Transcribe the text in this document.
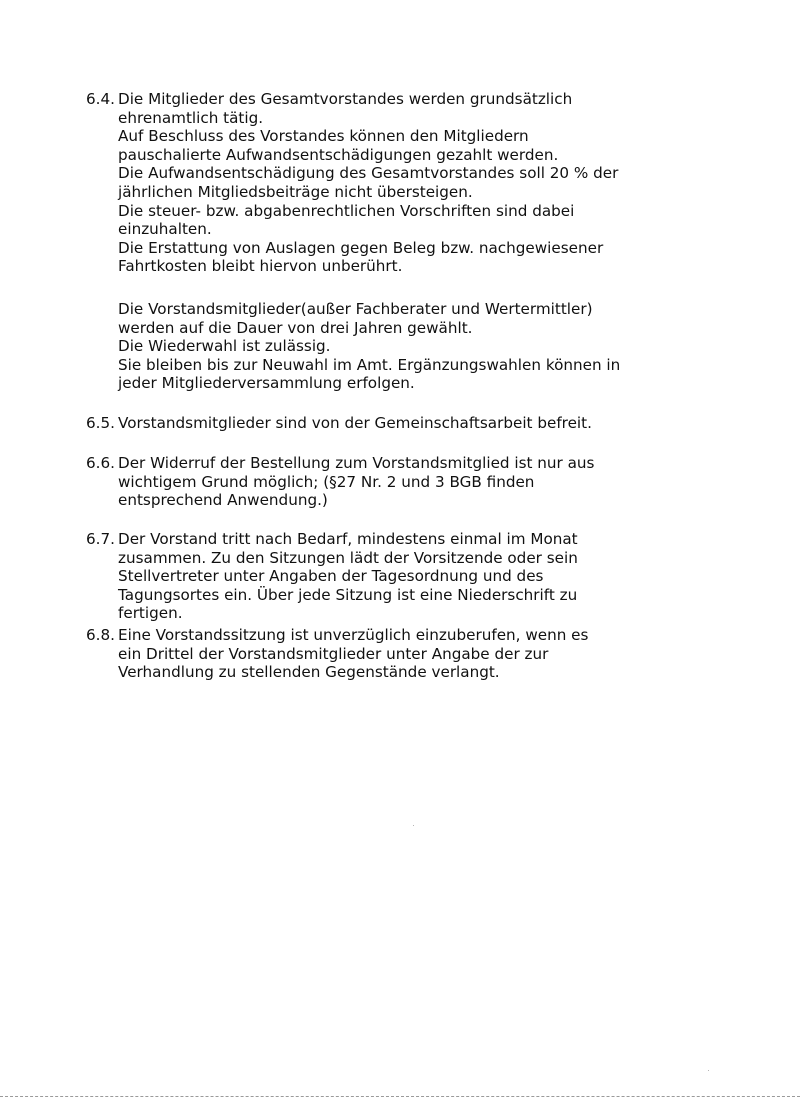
6.4. Die Mitglieder des Gesamtvorstandes werden grundsätzlich
ehrenamtlich tätig.
Auf Beschluss des Vorstandes können den Mitgliedern
pauschalierte Aufwandsentschädigungen gezahlt werden.
Die Aufwandsentschädigung des Gesamtvorstandes soll 20 % der
jährlichen Mitgliedsbeiträge nicht übersteigen.
Die steuer- bzw. abgabenrechtlichen Vorschriften sind dabei
einzuhalten.
Die Erstattung von Auslagen gegen Beleg bzw. nachgewiesener
Fahrtkosten bleibt hiervon unberührt.
Die Vorstandsmitglieder(außer Fachberater und Wertermittler)
werden auf die Dauer von drei Jahren gewählt.
Die Wiederwahl ist zulässig.
Sie bleiben bis zur Neuwahl im Amt. Ergänzungswahlen können in
jeder Mitgliederversammlung erfolgen.
6.5. Vorstandsmitglieder sind von der Gemeinschaftsarbeit befreit.
6.6. Der Widerruf der Bestellung zum Vorstandsmitglied ist nur aus
wichtigem Grund möglich; (§27 Nr. 2 und 3 BGB finden
entsprechend Anwendung.)
6.7. Der Vorstand tritt nach Bedarf, mindestens einmal im Monat
zusammen. Zu den Sitzungen lädt der Vorsitzende oder sein
Stellvertreter unter Angaben der Tagesordnung und des
Tagungsortes ein. Über jede Sitzung ist eine Niederschrift zu
fertigen.
6.8. Eine Vorstandssitzung ist unverzüglich einzuberufen, wenn es
ein Drittel der Vorstandsmitglieder unter Angabe der zur
Verhandlung zu stellenden Gegenstände verlangt.
